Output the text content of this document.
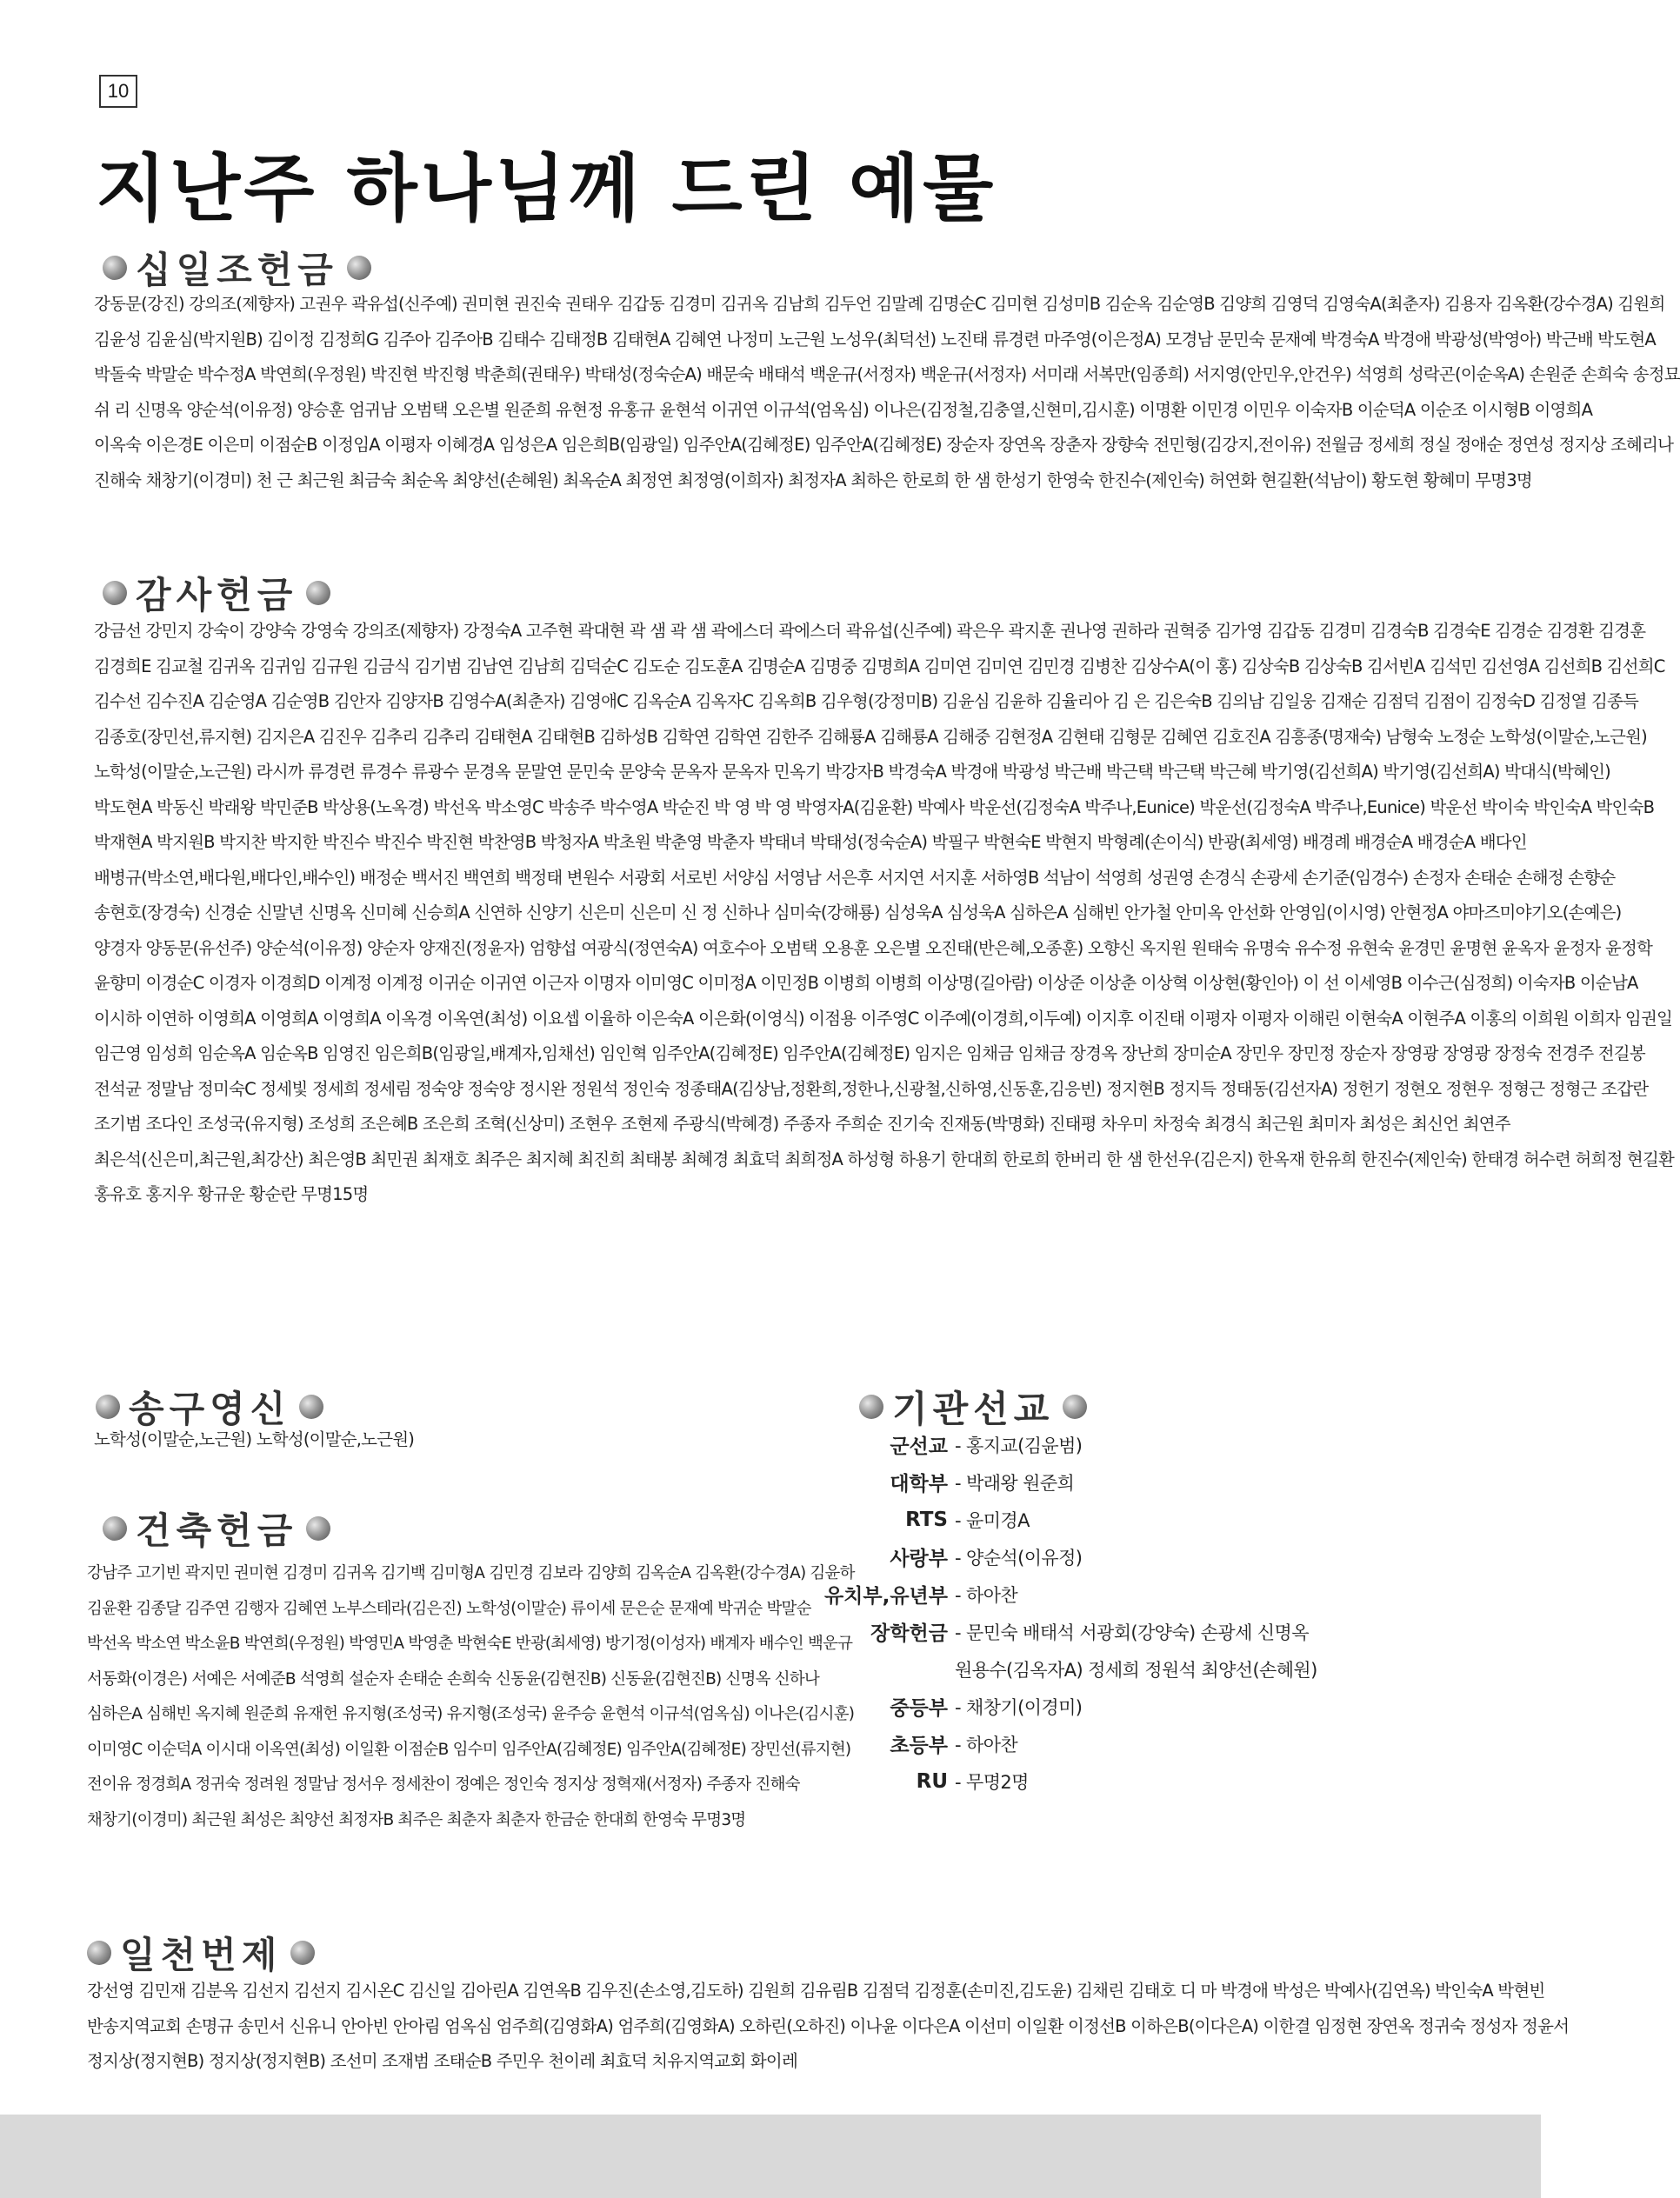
10
지난주 하나님께 드린 예물
십일조헌금
강동문(강진) 강의조(제향자) 고권우 곽유섭(신주예) 권미현 권진숙 권태우 김갑동 김경미 김귀옥 김남희 김두언 김말례 김명순C 김미현 김성미B 김순옥 김순영B 김양희 김영덕 김영숙A(최춘자) 김용자 김옥환(강수경A) 김원희
김윤성 김윤심(박지원B) 김이정 김정희G 김주아 김주아B 김태수 김태정B 김태현A 김혜연 나정미 노근원 노성우(최덕선) 노진태 류경련 마주영(이은정A) 모경남 문민숙 문재예 박경숙A 박경애 박광성(박영아) 박근배 박도현A
박돌숙 박말순 박수정A 박연희(우정원) 박진현 박진형 박춘희(권태우) 박태성(정숙순A) 배문숙 배태석 백운규(서정자) 백운규(서정자) 서미래 서복만(임종희) 서지영(안민우,안건우) 석영희 성락곤(이순옥A) 손원준 손희숙 송정묘
쉬 리 신명옥 양순석(이유정) 양승훈 엄귀남 오범택 오은별 원준희 유현정 유홍규 윤현석 이귀연 이규석(엄옥심) 이나은(김정철,김충열,신현미,김시훈) 이명환 이민경 이민우 이숙자B 이순덕A 이순조 이시형B 이영희A
이옥숙 이은경E 이은미 이점순B 이정임A 이평자 이혜경A 임성은A 임은희B(임광일) 임주안A(김혜정E) 임주안A(김혜정E) 장순자 장연옥 장춘자 장향숙 전민형(김강지,전이유) 전월금 정세희 정실 정애순 정연성 정지상 조혜리나
진해숙 채창기(이경미) 천 근 최근원 최금숙 최순옥 최양선(손혜원) 최옥순A 최정연 최정영(이희자) 최정자A 최하은 한로희 한 샘 한성기 한영숙 한진수(제인숙) 허연화 현길환(석남이) 황도현 황혜미 무명3명
감사헌금
강금선 강민지 강숙이 강양숙 강영숙 강의조(제향자) 강정숙A 고주현 곽대현 곽 샘 곽 샘 곽에스더 곽에스더 곽유섭(신주예) 곽은우 곽지훈 권나영 권하라 권혁중 김가영 김갑동 김경미 김경숙B 김경숙E 김경순 김경환 김경훈
김경희E 김교철 김귀옥 김귀임 김규원 김금식 김기범 김남연 김남희 김덕순C 김도순 김도훈A 김명순A 김명중 김명희A 김미연 김미연 김민경 김병찬 김상수A(이 홍) 김상숙B 김상숙B 김서빈A 김석민 김선영A 김선희B 김선희C
김수선 김수진A 김순영A 김순영B 김안자 김양자B 김영수A(최춘자) 김영애C 김옥순A 김옥자C 김옥희B 김우형(강정미B) 김윤심 김윤하 김율리아 김 은 김은숙B 김의남 김일웅 김재순 김점덕 김점이 김정숙D 김정열 김종득
김종호(장민선,류지현) 김지은A 김진우 김추리 김추리 김태현A 김태현B 김하성B 김학연 김학연 김한주 김해룡A 김해룡A 김해중 김현정A 김현태 김형문 김혜연 김호진A 김흥종(명재숙) 남형숙 노정순 노학성(이말순,노근원)
노학성(이말순,노근원) 라시까 류경련 류경수 류광수 문경옥 문말연 문민숙 문양숙 문옥자 문옥자 민옥기 박강자B 박경숙A 박경애 박광성 박근배 박근택 박근택 박근혜 박기영(김선희A) 박기영(김선희A) 박대식(박혜인)
박도현A 박동신 박래왕 박민준B 박상용(노옥경) 박선옥 박소영C 박송주 박수영A 박순진 박 영 박 영 박영자A(김윤환) 박예사 박운선(김정숙A 박주나,Eunice) 박운선(김정숙A 박주나,Eunice) 박운선 박이숙 박인숙A 박인숙B
박재현A 박지원B 박지찬 박지한 박진수 박진수 박진현 박찬영B 박청자A 박초원 박춘영 박춘자 박태녀 박태성(정숙순A) 박필구 박현숙E 박현지 박형례(손이식) 반광(최세영) 배경례 배경순A 배경순A 배다인
배병규(박소연,배다원,배다인,배수인) 배정순 백서진 백연희 백정태 변원수 서광회 서로빈 서양심 서영남 서은후 서지연 서지훈 서하영B 석남이 석영희 성권영 손경식 손광세 손기준(임경수) 손정자 손태순 손해정 손향순
송현호(장경숙) 신경순 신말년 신명옥 신미혜 신승희A 신연하 신양기 신은미 신은미 신 정 신하나 심미숙(강해룡) 심성욱A 심성욱A 심하은A 심해빈 안가철 안미옥 안선화 안영임(이시영) 안현정A 야마즈미야기오(손예은)
양경자 양동문(유선주) 양순석(이유정) 양순자 양재진(정윤자) 엄향섭 여광식(정연숙A) 여호수아 오범택 오용훈 오은별 오진태(반은혜,오종훈) 오향신 옥지원 원태숙 유명숙 유수정 유현숙 윤경민 윤명현 윤옥자 윤정자 윤정학
윤향미 이경순C 이경자 이경희D 이계정 이계정 이귀순 이귀연 이근자 이명자 이미영C 이미정A 이민정B 이병희 이병희 이상명(길아람) 이상준 이상춘 이상혁 이상현(황인아) 이 선 이세영B 이수근(심정희) 이숙자B 이순남A
이시하 이연하 이영희A 이영희A 이영희A 이옥경 이옥연(최성) 이요셉 이율하 이은숙A 이은화(이영식) 이점용 이주영C 이주예(이경희,이두예) 이지후 이진태 이평자 이평자 이해린 이현숙A 이현주A 이홍의 이희원 이희자 임권일
임근영 임성희 임순옥A 임순옥B 임영진 임은희B(임광일,배계자,임채선) 임인혁 임주안A(김혜정E) 임주안A(김혜정E) 임지은 임채금 임채금 장경옥 장난희 장미순A 장민우 장민정 장순자 장영광 장영광 장정숙 전경주 전길봉
전석균 정말남 정미숙C 정세빛 정세희 정세림 정숙양 정숙양 정시완 정원석 정인숙 정종태A(김상남,정환희,정한나,신광철,신하영,신동훈,김응빈) 정지현B 정지득 정태동(김선자A) 정헌기 정현오 정현우 정형근 정형근 조갑란
조기범 조다인 조성국(유지형) 조성희 조은혜B 조은희 조혁(신상미) 조현우 조현제 주광식(박혜경) 주종자 주희순 진기숙 진재동(박명화) 진태평 차우미 차정숙 최경식 최근원 최미자 최성은 최신언 최연주
최은석(신은미,최근원,최강산) 최은영B 최민권 최재호 최주은 최지혜 최진희 최태봉 최혜경 최효덕 최희정A 하성형 하용기 한대희 한로희 한버리 한 샘 한선우(김은지) 한옥재 한유희 한진수(제인숙) 한태경 허수련 허희정 현길환
홍유호 홍지우 황규운 황순란 무명15명
송구영신
노학성(이말순,노근원) 노학성(이말순,노근원)
건축헌금
강남주 고기빈 곽지민 권미현 김경미 김귀옥 김기백 김미형A 김민경 김보라 김양희 김옥순A 김옥환(강수경A) 김윤하
김윤환 김종달 김주연 김행자 김혜연 노부스테라(김은진) 노학성(이말순) 류이세 문은순 문재예 박귀순 박말순
박선옥 박소연 박소윤B 박연희(우정원) 박영민A 박영춘 박현숙E 반광(최세영) 방기정(이성자) 배계자 배수인 백운규
서동화(이경은) 서예은 서예준B 석영희 설순자 손태순 손희숙 신동윤(김현진B) 신동윤(김현진B) 신명옥 신하나
심하은A 심해빈 옥지혜 원준희 유재헌 유지형(조성국) 유지형(조성국) 윤주승 윤현석 이규석(엄옥심) 이나은(김시훈)
이미영C 이순덕A 이시대 이옥연(최성) 이일환 이점순B 임수미 임주안A(김혜정E) 임주안A(김혜정E) 장민선(류지현)
전이유 정경희A 정귀숙 정려원 정말남 정서우 정세찬이 정예은 정인숙 정지상 정혁재(서정자) 주종자 진해숙
채창기(이경미) 최근원 최성은 최양선 최정자B 최주은 최춘자 최춘자 한금순 한대희 한영숙 무명3명
기관선교
군선교 - 홍지교(김윤범)
대학부 - 박래왕 원준희
RTS - 윤미경A
사랑부 - 양순석(이유정)
유치부,유년부 - 하아찬
장학헌금 - 문민숙 배태석 서광회(강양숙) 손광세 신명옥
원용수(김옥자A) 정세희 정원석 최양선(손혜원)
중등부 - 채창기(이경미)
초등부 - 하아찬
RU - 무명2명
일천번제
강선영 김민재 김분옥 김선지 김선지 김시온C 김신일 김아린A 김연옥B 김우진(손소영,김도하) 김원희 김유림B 김점덕 김정훈(손미진,김도윤) 김채린 김태호 디 마 박경애 박성은 박예사(김연옥) 박인숙A 박현빈
반송지역교회 손명규 송민서 신유니 안아빈 안아림 엄옥심 엄주희(김영화A) 엄주희(김영화A) 오하린(오하진) 이나윤 이다은A 이선미 이일환 이정선B 이하은B(이다은A) 이한결 임정현 장연옥 정귀숙 정성자 정윤서
정지상(정지현B) 정지상(정지현B) 조선미 조재범 조태순B 주민우 천이레 최효덕 치유지역교회 화이레
